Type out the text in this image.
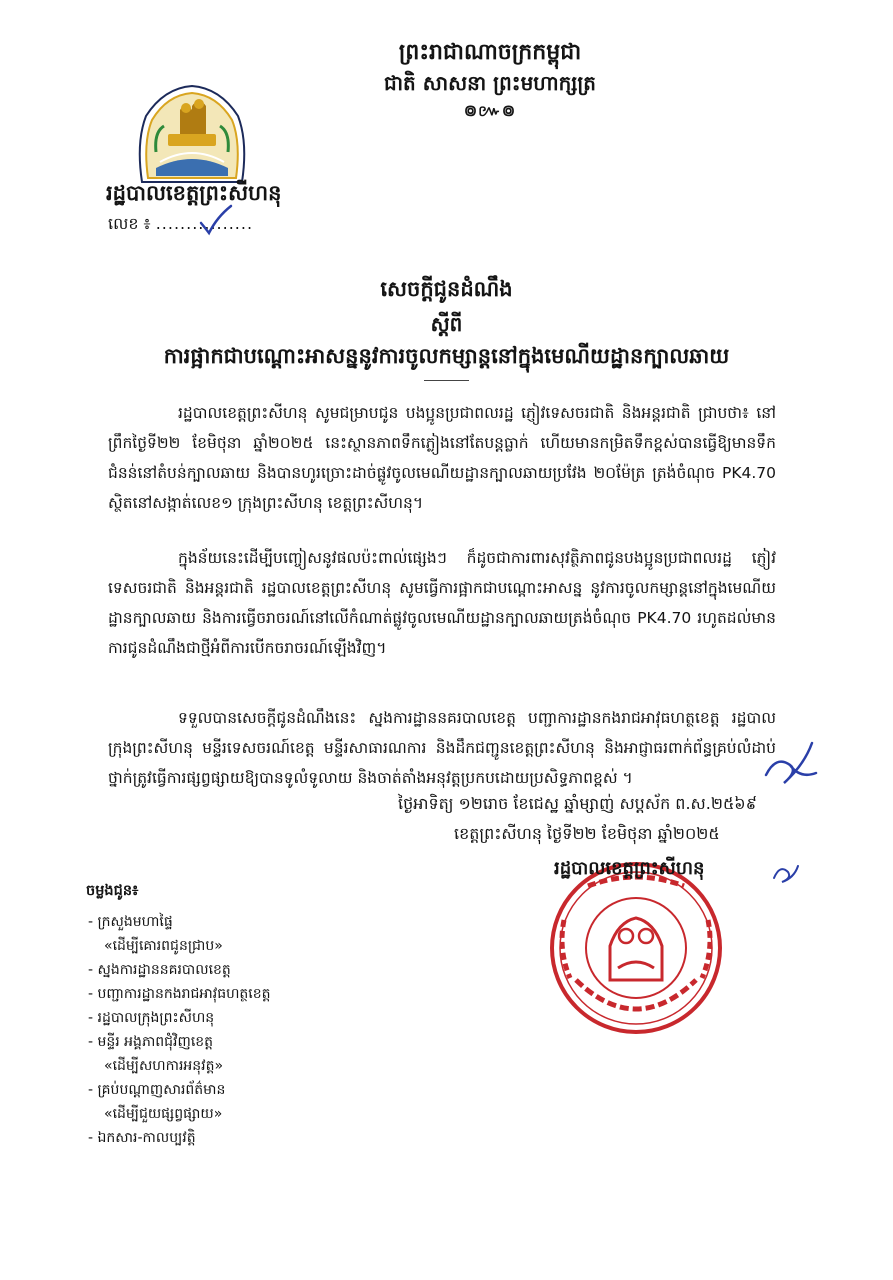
ព្រះរាជាណាចក្រកម្ពុជា
ជាតិ សាសនា ព្រះមហាក្សត្រ
៙៚៙
រដ្ឋបាលខេត្តព្រះសីហនុ
លេខ ៖ ................
សេចក្តីជូនដំណឹង
ស្តីពី
ការផ្អាកជាបណ្តោះអាសន្ននូវការចូលកម្សាន្តនៅក្នុងមេណីយដ្ឋានក្បាលឆាយ

រដ្ឋបាលខេត្តព្រះសីហនុ សូមជម្រាបជូន បងប្អូនប្រជាពលរដ្ឋ ភ្ញៀវទេសចរជាតិ និងអន្តរជាតិ ជ្រាបថា៖ នៅព្រឹកថ្ងៃទី២២ ខែមិថុនា ឆ្នាំ២០២៥ នេះស្ថានភាពទឹកភ្លៀងនៅតែបន្តធ្លាក់ ហើយមានកម្រិតទឹកខ្ពស់បានធ្វើឱ្យមានទឹកជំនន់នៅតំបន់ក្បាលឆាយ និងបានហូរច្រោះដាច់ផ្លូវចូលមេណីយដ្ឋានក្បាលឆាយប្រវែង ២០ម៉ែត្រ ត្រង់ចំណុច PK4.70 ស្ថិតនៅសង្កាត់លេខ១ ក្រុងព្រះសីហនុ ខេត្តព្រះសីហនុ។

ក្នុងន័យនេះដើម្បីបញ្ចៀសនូវផលប៉ះពាល់ផ្សេងៗ ក៏ដូចជាការពារសុវត្ថិភាពជូនបងប្អូនប្រជាពលរដ្ឋ ភ្ញៀវទេសចរជាតិ និងអន្តរជាតិ រដ្ឋបាលខេត្តព្រះសីហនុ សូមធ្វើការផ្អាកជាបណ្តោះអាសន្ន នូវការចូលកម្សាន្តនៅក្នុងមេណីយដ្ឋានក្បាលឆាយ និងការធ្វើចរាចរណ៍នៅលើកំណាត់ផ្លូវចូលមេណីយដ្ឋានក្បាលឆាយត្រង់ចំណុច PK4.70 រហូតដល់មានការជូនដំណឹងជាថ្មីអំពីការបើកចរាចរណ៍ឡើងវិញ។

ទទួលបានសេចក្តីជូនដំណឹងនេះ ស្នងការដ្ឋាននគរបាលខេត្ត បញ្ជាការដ្ឋានកងរាជអាវុធហត្ថខេត្ត រដ្ឋបាលក្រុងព្រះសីហនុ មន្ទីរទេសចរណ៍ខេត្ត មន្ទីរសាធារណការ និងដឹកជញ្ជូនខេត្តព្រះសីហនុ និងអាជ្ញាធរពាក់ព័ន្ធគ្រប់លំដាប់ថ្នាក់ត្រូវធ្វើការផ្សព្វផ្សាយឱ្យបានទូលំទូលាយ និងចាត់តាំងអនុវត្តប្រកបដោយប្រសិទ្ធភាពខ្ពស់ ។

ថ្ងៃអាទិត្យ ១២រោច ខែជេស្ឋ ឆ្នាំម្សាញ់ សប្តស័ក ព.ស.២៥៦៩
ខេត្តព្រះសីហនុ ថ្ងៃទី២២ ខែមិថុនា ឆ្នាំ២០២៥
រដ្ឋបាលខេត្តព្រះសីហនុ
ចម្លងជូន៖
- ក្រសួងមហាផ្ទៃ
«ដើម្បីគោរពជូនជ្រាប»
- ស្នងការដ្ឋាននគរបាលខេត្ត
- បញ្ជាការដ្ឋានកងរាជអាវុធហត្ថខេត្ត
- រដ្ឋបាលក្រុងព្រះសីហនុ
- មន្ទីរ អង្គភាពជុំវិញខេត្ត
«ដើម្បីសហការអនុវត្ត»
- គ្រប់បណ្តាញសារព័ត៌មាន
«ដើម្បីជួយផ្សព្វផ្សាយ»
- ឯកសារ-កាលប្បវត្តិ
